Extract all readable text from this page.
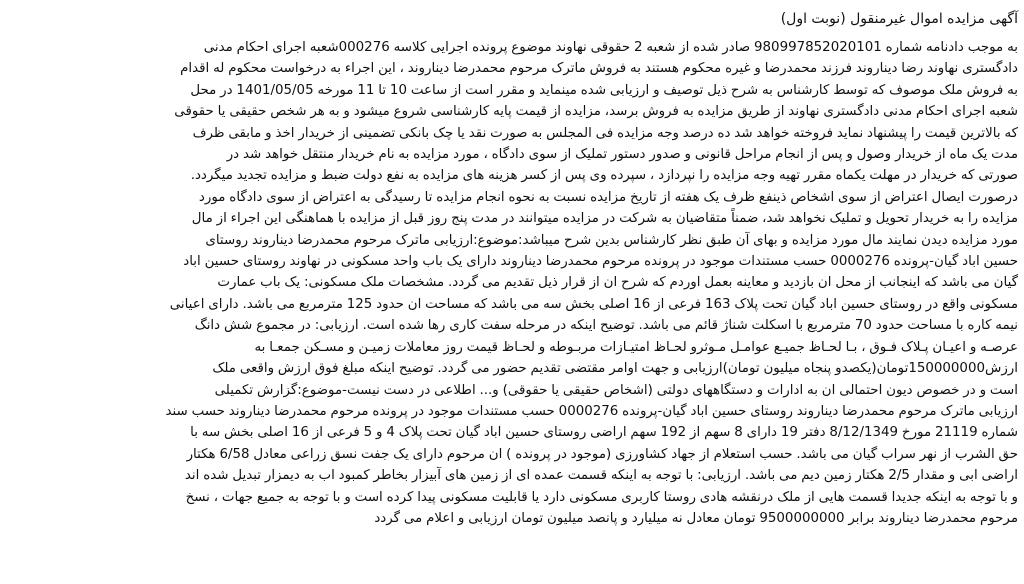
آگهی مزایده اموال غیرمنقول (نوبت اول)
به موجب دادنامه شماره 980997852020101 صادر شده از شعبه 2 حقوقی نهاوند موضوع پرونده اجرایی کلاسه 000276شعبه اجرای احکام مدنی
دادگستری نهاوند رضا دیناروند فرزند محمدرضا و غیره محکوم هستند به فروش ماترک مرحوم محمدرضا دیناروند ، این اجراء به درخواست محکوم له اقدام
به فروش ملک موصوف که توسط کارشناس به شرح ذیل توصیف و ارزیابی شده مینماید و مقرر است از ساعت 10 تا 11 مورخه 1401/05/05 در محل
شعبه اجرای احکام مدنی دادگستری نهاوند از طریق مزایده به فروش برسد، مزایده از قیمت پایه کارشناسی شروع میشود و به هر شخص حقیقی یا حقوقی
که بالاترین قیمت را پیشنهاد نماید فروخته خواهد شد ده درصد وجه مزایده فی المجلس به صورت نقد یا چک بانکی تضمینی از خریدار اخذ و مابقی ظرف
مدت یک ماه از خریدار وصول و پس از انجام مراحل قانونی و صدور دستور تملیک از سوی دادگاه ، مورد مزایده به نام خریدار منتقل خواهد شد در
صورتی که خریدار در مهلت یکماه مقرر تهیه وجه مزایده را نپردازد ، سپرده وی پس از کسر هزینه های مزایده به نفع دولت ضبط و مزایده تجدید میگردد.
درصورت ایصال اعتراض از سوی اشخاص ذینفع ظرف یک هفته از تاریخ مزایده نسبت به نحوه انجام مزایده تا رسیدگی به اعتراض از سوی دادگاه مورد
مزایده را به خریدار تحویل و تملیک نخواهد شد، ضمناً متقاضیان به شرکت در مزایده میتوانند در مدت پنج روز قبل از مزایده با هماهنگی این اجراء از مال
مورد مزایده دیدن نمایند مال مورد مزایده و بهای آن طبق نظر کارشناس بدین شرح میباشد:موضوع:ارزیابی ماترک مرحوم محمدرضا دیناروند روستای
حسین اباد گیان-پرونده 0000276 حسب مستندات موجود در پرونده مرحوم محمدرضا دیناروند دارای یک باب واحد مسکونی در نهاوند روستای حسین اباد
گیان می باشد که اینجانب از محل ان بازدید و معاینه بعمل اوردم که شرح ان از قرار ذیل تقدیم می گردد. مشخصات ملک مسکونی: یک باب عمارت
مسکونی واقع در روستای حسین اباد گیان تحت پلاک 163 فرعی از 16 اصلی بخش سه می باشد که مساحت ان حدود 125 مترمربع می باشد. دارای اعیانی
نیمه کاره با مساحت حدود 70 مترمربع با اسکلت شناژ قائم می باشد. توضیح اینکه در مرحله سفت کاری رها شده است. ارزیابی: در مجموع شش دانگ
عرصـه و اعیـان پـلاک فـوق ، بـا لحـاظ جمیـع عوامـل مـوثرو لحـاظ امتیـازات مربـوطه و لحـاظ قیمت روز معاملات زمیـن و مسـکن جمعـا به
ارزش150000000تومان(یکصدو پنجاه میلیون تومان)ارزیابی و جهت اوامر مقتضی تقدیم حضور می گردد. توضیح اینکه مبلغ فوق ارزش واقعی ملک
است و در خصوص دیون احتمالی ان به ادارات و دستگاههای دولتی (اشخاص حقیقی یا حقوقی) و... اطلاعی در دست نیست-موضوع:گزارش تکمیلی
ارزیابی ماترک مرحوم محمدرضا دیناروند روستای حسین اباد گیان-پرونده 0000276 حسب مستندات موجود در پرونده مرحوم محمدرضا دیناروند حسب سند
شماره 21119 مورخ 8/12/1349 دفتر 19 دارای 8 سهم از 192 سهم اراضی روستای حسین اباد گیان تحت پلاک 4 و 5 فرعی از 16 اصلی بخش سه با
حق الشرب از نهر سراب گیان می باشد. حسب استعلام از جهاد کشاورزی (موجود در پرونده ) ان مرحوم دارای یک جفت نسق زراعی معادل 6/58 هکتار
اراضی ابی و مقدار 2/5 هکتار زمین دیم می باشد. ارزیابی: با توجه به اینکه قسمت عمده ای از زمین های آبیزار بخاطر کمبود اب به دیمزار تبدیل شده اند
و با توجه به اینکه جدیدا قسمت هایی از ملک درنقشه هادی روستا کاربری مسکونی دارد یا قابلیت مسکونی پیدا کرده است و با توجه به جمیع جهات ، نسخ
مرحوم محمدرضا دیناروند برابر 9500000000 تومان معادل نه میلیارد و پانصد میلیون تومان ارزیابی و اعلام می گردد
